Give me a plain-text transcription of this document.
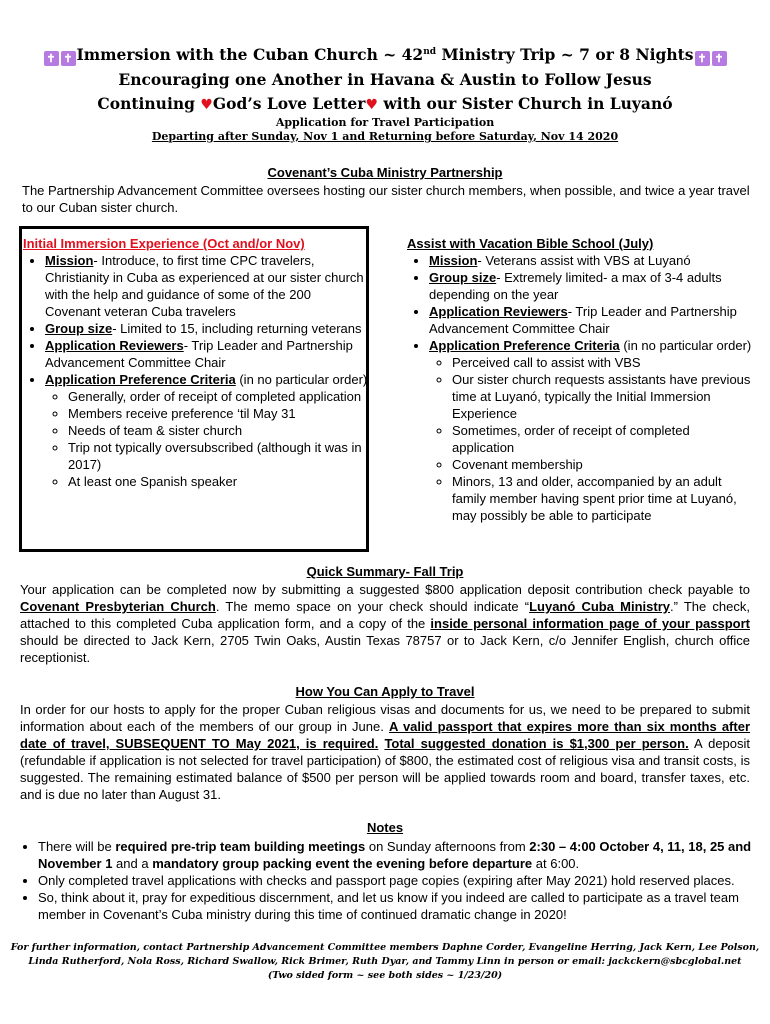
✝ ✝ Immersion with the Cuban Church ~ 42nd Ministry Trip ~ 7 or 8 Nights ✝ ✝
Encouraging one Another in Havana & Austin to Follow Jesus
Continuing ♥God’s Love Letter♥ with our Sister Church in Luyanó
Application for Travel Participation
Departing after Sunday, Nov 1 and Returning before Saturday, Nov 14 2020
Covenant’s Cuba Ministry Partnership
The Partnership Advancement Committee oversees hosting our sister church members, when possible, and twice a year travel to our Cuban sister church.
Initial Immersion Experience (Oct and/or Nov)
• Mission- Introduce, to first time CPC travelers, Christianity in Cuba as experienced at our sister church with the help and guidance of some of the 200 Covenant veteran Cuba travelers
• Group size- Limited to 15, including returning veterans
• Application Reviewers- Trip Leader and Partnership Advancement Committee Chair
• Application Preference Criteria (in no particular order)
◦ Generally, order of receipt of completed application
◦ Members receive preference ‘til May 31
◦ Needs of team & sister church
◦ Trip not typically oversubscribed (although it was in 2017)
◦ At least one Spanish speaker
Assist with Vacation Bible School (July)
• Mission- Veterans assist with VBS at Luyanó
• Group size- Extremely limited- a max of 3-4 adults depending on the year
• Application Reviewers- Trip Leader and Partnership Advancement Committee Chair
• Application Preference Criteria (in no particular order)
◦ Perceived call to assist with VBS
◦ Our sister church requests assistants have previous time at Luyanó, typically the Initial Immersion Experience
◦ Sometimes, order of receipt of completed application
◦ Covenant membership
◦ Minors, 13 and older, accompanied by an adult family member having spent prior time at Luyanó, may possibly be able to participate
Quick Summary- Fall Trip
Your application can be completed now by submitting a suggested $800 application deposit contribution check payable to Covenant Presbyterian Church. The memo space on your check should indicate “Luyanó Cuba Ministry.” The check, attached to this completed Cuba application form, and a copy of the inside personal information page of your passport should be directed to Jack Kern, 2705 Twin Oaks, Austin Texas 78757 or to Jack Kern, c/o Jennifer English, church office receptionist.
How You Can Apply to Travel
In order for our hosts to apply for the proper Cuban religious visas and documents for us, we need to be prepared to submit information about each of the members of our group in June. A valid passport that expires more than six months after date of travel, SUBSEQUENT TO May 2021, is required. Total suggested donation is $1,300 per person. A deposit (refundable if application is not selected for travel participation) of $800, the estimated cost of religious visa and transit costs, is suggested. The remaining estimated balance of $500 per person will be applied towards room and board, transfer taxes, etc. and is due no later than August 31.
Notes
• There will be required pre-trip team building meetings on Sunday afternoons from 2:30 – 4:00 October 4, 11, 18, 25 and November 1 and a mandatory group packing event the evening before departure at 6:00.
• Only completed travel applications with checks and passport page copies (expiring after May 2021) hold reserved places.
• So, think about it, pray for expeditious discernment, and let us know if you indeed are called to participate as a travel team member in Covenant’s Cuba ministry during this time of continued dramatic change in 2020!
For further information, contact Partnership Advancement Committee members Daphne Corder, Evangeline Herring, Jack Kern, Lee Polson,
Linda Rutherford, Nola Ross, Richard Swallow, Rick Brimer, Ruth Dyar, and Tammy Linn in person or email: jackckern@sbcglobal.net
(Two sided form ~ see both sides ~ 1/23/20)
